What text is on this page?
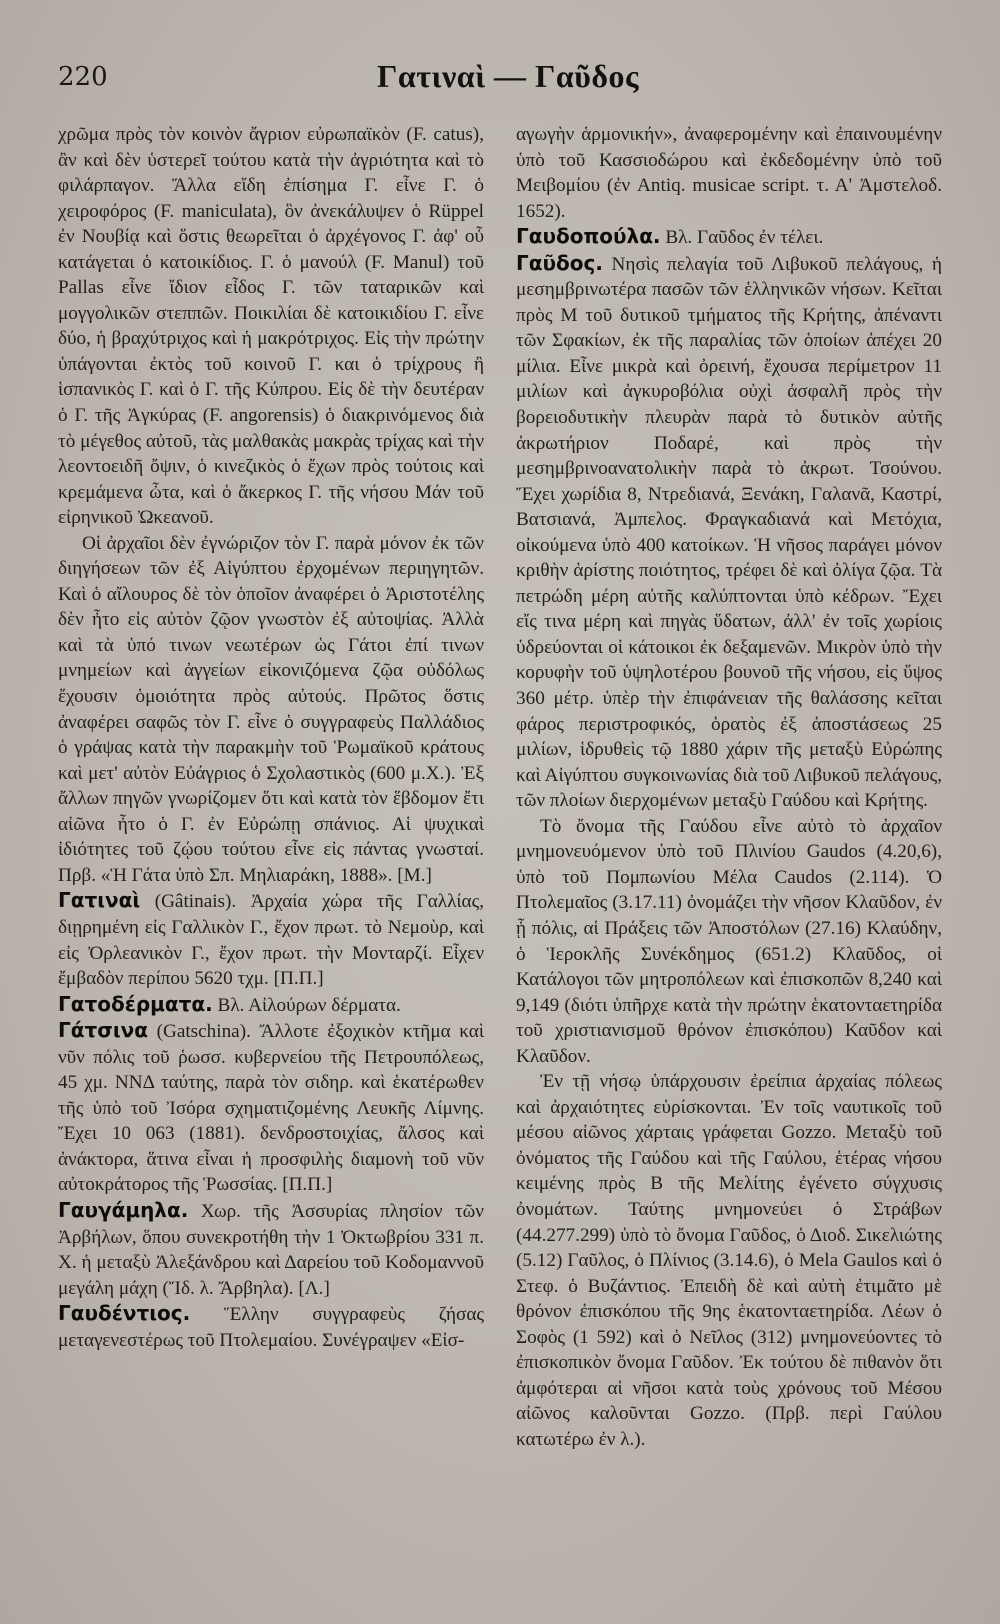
220	Γατιναὶ — Γαῦδος

χρῶμα πρὸς τὸν κοινὸν ἄγριον εὐρωπαϊκὸν (F. catus), ἂν καὶ δὲν ὑστερεῖ τούτου κατὰ τὴν ἀγριότητα καὶ τὸ φιλάρπαγον. Ἄλλα εἴδη ἐπίσημα Γ. εἶνε Γ. ὁ χειροφόρος (F. maniculata), ὃν ἀνεκάλυψεν ὁ Rüppel ἐν Νουβίᾳ καὶ ὅστις θεωρεῖται ὁ ἀρχέγονος Γ. ἀφ' οὗ κατάγεται ὁ κατοικίδιος. Γ. ὁ μανούλ (F. Manul) τοῦ Pallas εἶνε ἴδιον εἶδος Γ. τῶν ταταρικῶν καὶ μογγολικῶν στεππῶν. Ποικιλίαι δὲ κατοικιδίου Γ. εἶνε δύο, ἡ βραχύτριχος καὶ ἡ μακρότριχος. Εἰς τὴν πρώτην ὑπάγονται ἐκτὸς τοῦ κοινοῦ Γ. και ὁ τρίχρους ἢ ἱσπανικὸς Γ. καὶ ὁ Γ. τῆς Κύπρου. Εἰς δὲ τὴν δευτέραν ὁ Γ. τῆς Ἀγκύρας (F. angorensis) ὁ διακρινόμενος διὰ τὸ μέγεθος αὐτοῦ, τὰς μαλθακὰς μακρὰς τρίχας καὶ τὴν λεοντοειδῆ ὄψιν, ὁ κινεζικὸς ὁ ἔχων πρὸς τούτοις καὶ κρεμάμενα ὦτα, καὶ ὁ ἄκερκος Γ. τῆς νήσου Μάν τοῦ εἰρηνικοῦ Ὠκεανοῦ.

Οἱ ἀρχαῖοι δὲν ἐγνώριζον τὸν Γ. παρὰ μόνον ἐκ τῶν διηγήσεων τῶν ἐξ Αἰγύπτου ἐρχομένων περιηγητῶν. Καὶ ὁ αἴλουρος δὲ τὸν ὁποῖον ἀναφέρει ὁ Ἀριστοτέλης δὲν ἦτο εἰς αὐτὸν ζῷον γνωστὸν ἐξ αὐτοψίας. Ἀλλὰ καὶ τὰ ὑπό τινων νεωτέρων ὡς Γάτοι ἐπί τινων μνημείων καὶ ἀγγείων εἰκονιζόμενα ζῷα οὐδόλως ἔχουσιν ὁμοιότητα πρὸς αὐτούς. Πρῶτος ὅστις ἀναφέρει σαφῶς τὸν Γ. εἶνε ὁ συγγραφεὺς Παλλάδιος ὁ γράψας κατὰ τὴν παρακμὴν τοῦ Ῥωμαϊκοῦ κράτους καὶ μετ' αὐτὸν Εὐάγριος ὁ Σχολαστικὸς (600 μ.Χ.). Ἐξ ἄλλων πηγῶν γνωρίζομεν ὅτι καὶ κατὰ τὸν ἕβδομον ἔτι αἰῶνα ἦτο ὁ Γ. ἐν Εὐρώπῃ σπάνιος. Αἱ ψυχικαὶ ἰδιότητες τοῦ ζῴου τούτου εἶνε εἰς πάντας γνωσταί. Πρβ. «Ἡ Γάτα ὑπὸ Σπ. Μηλιαράκη, 1888». [Μ.]

Γατιναὶ (Gâtinais). Ἀρχαία χώρα τῆς Γαλλίας, διῃρημένη εἰς Γαλλικὸν Γ., ἔχον πρωτ. τὸ Νεμοὺρ, καὶ εἰς Ὀρλεανικὸν Γ., ἔχον πρωτ. τὴν Μονταρζί. Εἶχεν ἔμβαδὸν περίπου 5620 τχμ. [Π.Π.]

Γατοδέρματα. Βλ. Αἰλούρων δέρματα.

Γάτσινα (Gatschina). Ἄλλοτε ἐξοχικὸν κτῆμα καὶ νῦν πόλις τοῦ ῥωσσ. κυβερνείου τῆς Πετρουπόλεως, 45 χμ. ΝΝΔ ταύτης, παρὰ τὸν σιδηρ. καὶ ἑκατέρωθεν τῆς ὑπὸ τοῦ Ἰσόρα σχηματιζομένης Λευκῆς Λίμνης. Ἔχει 10 063 (1881). δενδροστοιχίας, ἄλσος καὶ ἀνάκτορα, ἅτινα εἶναι ἡ προσφιλὴς διαμονὴ τοῦ νῦν αὐτοκράτορος τῆς Ῥωσσίας. [Π.Π.]

Γαυγάμηλα. Χωρ. τῆς Ἀσσυρίας πλησίον τῶν Ἀρβήλων, ὅπου συνεκροτήθη τὴν 1 Ὀκτωβρίου 331 π. Χ. ἡ μεταξὺ Ἀλεξάνδρου καὶ Δαρείου τοῦ Κοδομαννοῦ μεγάλη μάχη (Ἴδ. λ. Ἄρβηλα). [Λ.]

Γαυδέντιος. Ἕλλην συγγραφεὺς ζήσας μεταγενεστέρως τοῦ Πτολεμαίου. Συνέγραψεν «Εἰσ-

αγωγὴν ἁρμονικήν», ἀναφερομένην καὶ ἐπαινουμένην ὑπὸ τοῦ Κασσιοδώρου καὶ ἐκδεδομένην ὑπὸ τοῦ Μειβομίου (ἐν Antiq. musicae script. τ. Α' Ἀμστελοδ. 1652).

Γαυδοπούλα. Βλ. Γαῦδος ἐν τέλει.

Γαῦδος. Νησὶς πελαγία τοῦ Λιβυκοῦ πελάγους, ἡ μεσημβρινωτέρα πασῶν τῶν ἑλληνικῶν νήσων. Κεῖται πρὸς Μ τοῦ δυτικοῦ τμήματος τῆς Κρήτης, ἀπέναντι τῶν Σφακίων, ἐκ τῆς παραλίας τῶν ὁποίων ἀπέχει 20 μίλια. Εἶνε μικρὰ καὶ ὀρεινή, ἔχουσα περίμετρον 11 μιλίων καὶ ἀγκυροβόλια οὐχὶ ἀσφαλῆ πρὸς τὴν βορειοδυτικὴν πλευρὰν παρὰ τὸ δυτικὸν αὐτῆς ἀκρωτήριον Ποδαρέ, καὶ πρὸς τὴν μεσημβρινοανατολικὴν παρὰ τὸ ἀκρωτ. Τσούνου. Ἔχει χωρίδια 8, Ντρεδιανά, Ξενάκη, Γαλανᾶ, Καστρί, Βατσιανά, Ἀμπελος. Φραγκαδιανά καὶ Μετόχια, οἰκούμενα ὑπὸ 400 κατοίκων. Ἡ νῆσος παράγει μόνον κριθὴν ἀρίστης ποιότητος, τρέφει δὲ καὶ ὀλίγα ζῷα. Τὰ πετρώδη μέρη αὐτῆς καλύπτονται ὑπὸ κέδρων. Ἔχει εἴς τινα μέρη καὶ πηγὰς ὕδατων, ἀλλ' ἐν τοῖς χωρίοις ὑδρεύονται οἱ κάτοικοι ἐκ δεξαμενῶν. Μικρὸν ὑπὸ τὴν κορυφὴν τοῦ ὑψηλοτέρου βουνοῦ τῆς νήσου, εἰς ὕψος 360 μέτρ. ὑπὲρ τὴν ἐπιφάνειαν τῆς θαλάσσης κεῖται φάρος περιστροφικός, ὁρατὸς ἐξ ἀποστάσεως 25 μιλίων, ἱδρυθεὶς τῷ 1880 χάριν τῆς μεταξὺ Εὐρώπης καὶ Αἰγύπτου συγκοινωνίας διὰ τοῦ Λιβυκοῦ πελάγους, τῶν πλοίων διερχομένων μεταξὺ Γαύδου καὶ Κρήτης.

Τὸ ὄνομα τῆς Γαύδου εἶνε αὐτὸ τὸ ἀρχαῖον μνημονευόμενον ὑπὸ τοῦ Πλινίου Gaudos (4.20,6), ὑπὸ τοῦ Πομπωνίου Μέλα Caudos (2.114). Ὁ Πτολεμαῖος (3.17.11) ὀνομάζει τὴν νῆσον Κλαῦδον, ἐν ᾗ πόλις, αἱ Πράξεις τῶν Ἀποστόλων (27.16) Κλαύδην, ὁ Ἱεροκλῆς Συνέκδημος (651.2) Κλαῦδος, οἱ Κατάλογοι τῶν μητροπόλεων καὶ ἐπισκοπῶν 8,240 καὶ 9,149 (διότι ὑπῆρχε κατὰ τὴν πρώτην ἑκατονταετηρίδα τοῦ χριστιανισμοῦ θρόνον ἐπισκόπου) Καῦδον καὶ Κλαῦδον.

Ἐν τῇ νήσῳ ὑπάρχουσιν ἐρείπια ἀρχαίας πόλεως καὶ ἀρχαιότητες εὑρίσκονται. Ἐν τοῖς ναυτικοῖς τοῦ μέσου αἰῶνος χάρταις γράφεται Gozzo. Μεταξὺ τοῦ ὀνόματος τῆς Γαύδου καὶ τῆς Γαύλου, ἑτέρας νήσου κειμένης πρὸς Β τῆς Μελίτης ἐγένετο σύγχυσις ὀνομάτων. Ταύτης μνημονεύει ὁ Στράβων (44.277.299) ὑπὸ τὸ ὄνομα Γαῦδος, ὁ Διοδ. Σικελιώτης (5.12) Γαῦλος, ὁ Πλίνιος (3.14.6), ὁ Mela Gaulos καὶ ὁ Στεφ. ὁ Βυζάντιος. Ἐπειδὴ δὲ καὶ αὐτὴ ἐτιμᾶτο μὲ θρόνον ἐπισκόπου τῆς 9ης ἑκατονταετηρίδα. Λέων ὁ Σοφὸς (1 592) καὶ ὁ Νεῖλος (312) μνημονεύοντες τὸ ἐπισκοπικὸν ὄνομα Γαῦδον. Ἐκ τούτου δὲ πιθανὸν ὅτι ἀμφότεραι αἱ νῆσοι κατὰ τοὺς χρόνους τοῦ Μέσου αἰῶνος καλοῦνται Gozzo. (Πρβ. περὶ Γαύλου κατωτέρω ἐν λ.).
